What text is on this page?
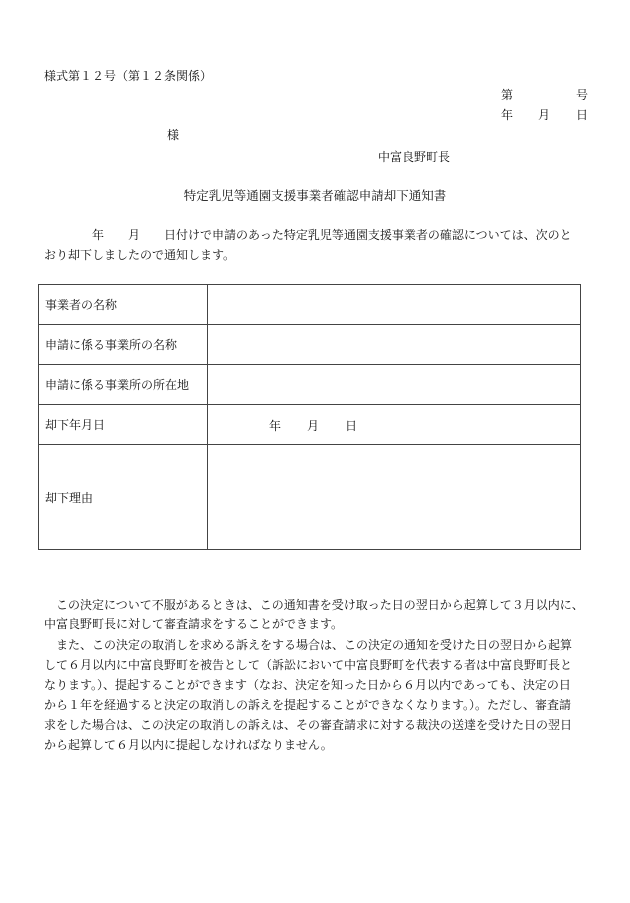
様式第１２号（第１２条関係）
第	号
年 月 日
様
中富良野町長
特定乳児等通園支援事業者確認申請却下通知書
年 月 日付けで申請のあった特定乳児等通園支援事業者の確認については、次のと
おり却下しましたので通知します。
事業者の名称	
申請に係る事業所の名称	
申請に係る事業所の所在地	
却下年月日	年 月 日

却下理由	
この決定について不服があるときは、この通知書を受け取った日の翌日から起算して３月以内に、
中富良野町長に対して審査請求をすることができます。
また、この決定の取消しを求める訴えをする場合は、この決定の通知を受けた日の翌日から起算
して６月以内に中富良野町を被告として（訴訟において中富良野町を代表する者は中富良野町長と
なります。）、提起することができます（なお、決定を知った日から６月以内であっても、決定の日
から１年を経過すると決定の取消しの訴えを提起することができなくなります。）。ただし、審査請
求をした場合は、この決定の取消しの訴えは、その審査請求に対する裁決の送達を受けた日の翌日
から起算して６月以内に提起しなければなりません。
